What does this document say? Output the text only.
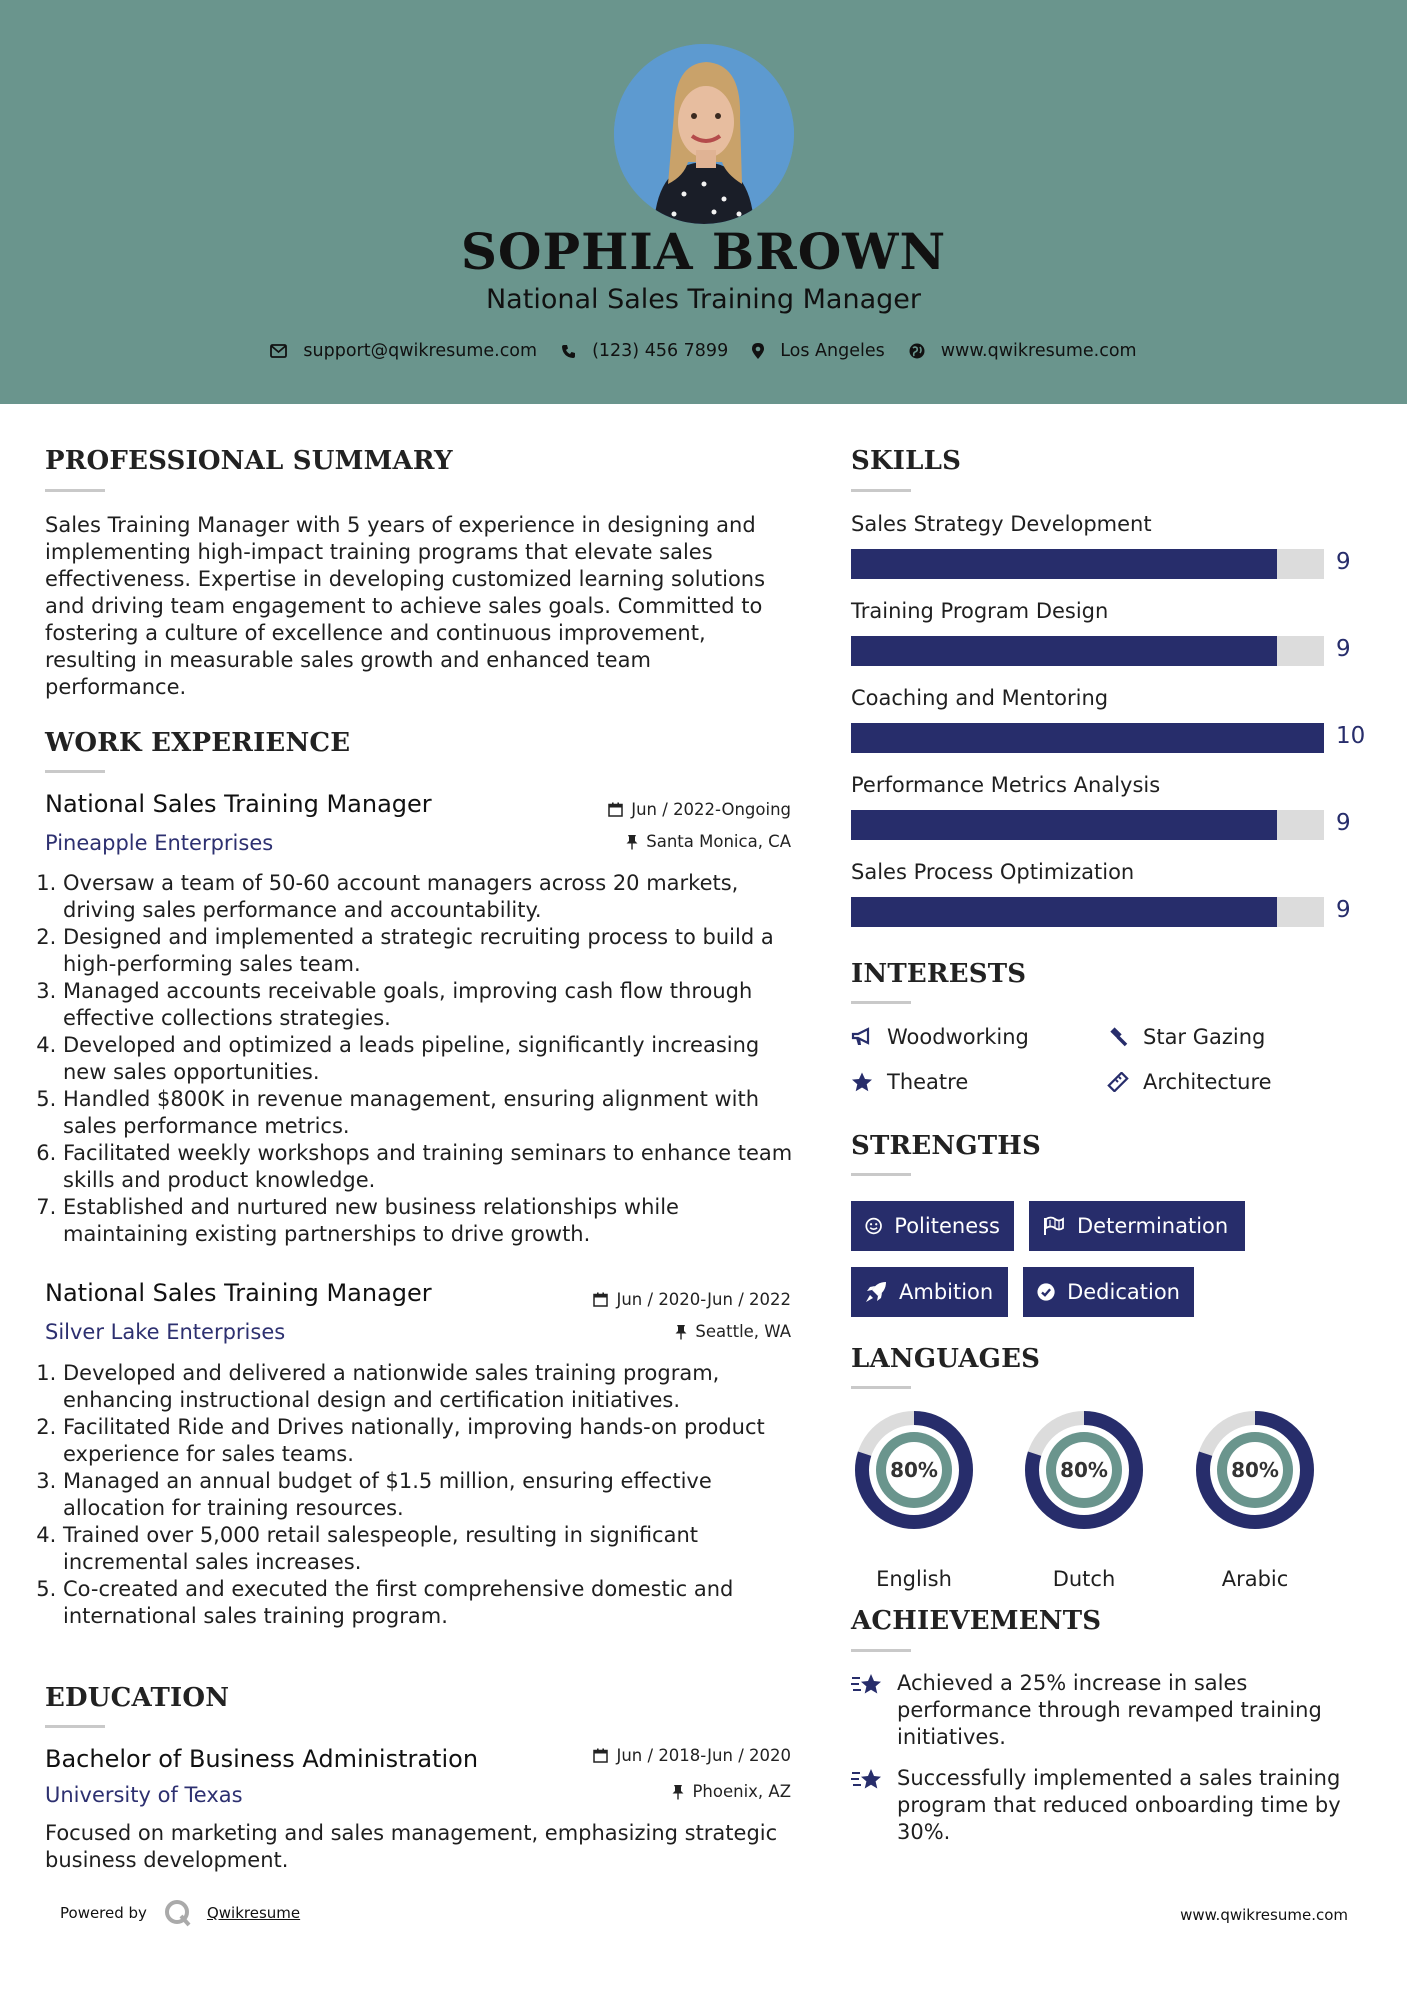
SOPHIA BROWN
National Sales Training Manager
support@qwikresume.com	(123) 456 7899	Los Angeles	www.qwikresume.com
PROFESSIONAL SUMMARY
Sales Training Manager with 5 years of experience in designing and implementing high-impact training programs that elevate sales effectiveness. Expertise in developing customized learning solutions and driving team engagement to achieve sales goals. Committed to fostering a culture of excellence and continuous improvement, resulting in measurable sales growth and enhanced team performance.
WORK EXPERIENCE
National Sales Training Manager	Jun / 2022-Ongoing
Pineapple Enterprises	Santa Monica, CA
1. Oversaw a team of 50-60 account managers across 20 markets, driving sales performance and accountability.
2. Designed and implemented a strategic recruiting process to build a high-performing sales team.
3. Managed accounts receivable goals, improving cash flow through effective collections strategies.
4. Developed and optimized a leads pipeline, significantly increasing new sales opportunities.
5. Handled $800K in revenue management, ensuring alignment with sales performance metrics.
6. Facilitated weekly workshops and training seminars to enhance team skills and product knowledge.
7. Established and nurtured new business relationships while maintaining existing partnerships to drive growth.
National Sales Training Manager	Jun / 2020-Jun / 2022
Silver Lake Enterprises	Seattle, WA
1. Developed and delivered a nationwide sales training program, enhancing instructional design and certification initiatives.
2. Facilitated Ride and Drives nationally, improving hands-on product experience for sales teams.
3. Managed an annual budget of $1.5 million, ensuring effective allocation for training resources.
4. Trained over 5,000 retail salespeople, resulting in significant incremental sales increases.
5. Co-created and executed the first comprehensive domestic and international sales training program.
EDUCATION
Bachelor of Business Administration	Jun / 2018-Jun / 2020
University of Texas	Phoenix, AZ
Focused on marketing and sales management, emphasizing strategic business development.
SKILLS
Sales Strategy Development
9
Training Program Design
9
Coaching and Mentoring
10
Performance Metrics Analysis
9
Sales Process Optimization
9
INTERESTS
Woodworking	Star Gazing
Theatre	Architecture
STRENGTHS
Politeness	Determination
Ambition	Dedication
LANGUAGES
80%
English
80%
Dutch
80%
Arabic
ACHIEVEMENTS
Achieved a 25% increase in sales performance through revamped training initiatives.
Successfully implemented a sales training program that reduced onboarding time by 30%.
Powered by	Qwikresume	www.qwikresume.com
